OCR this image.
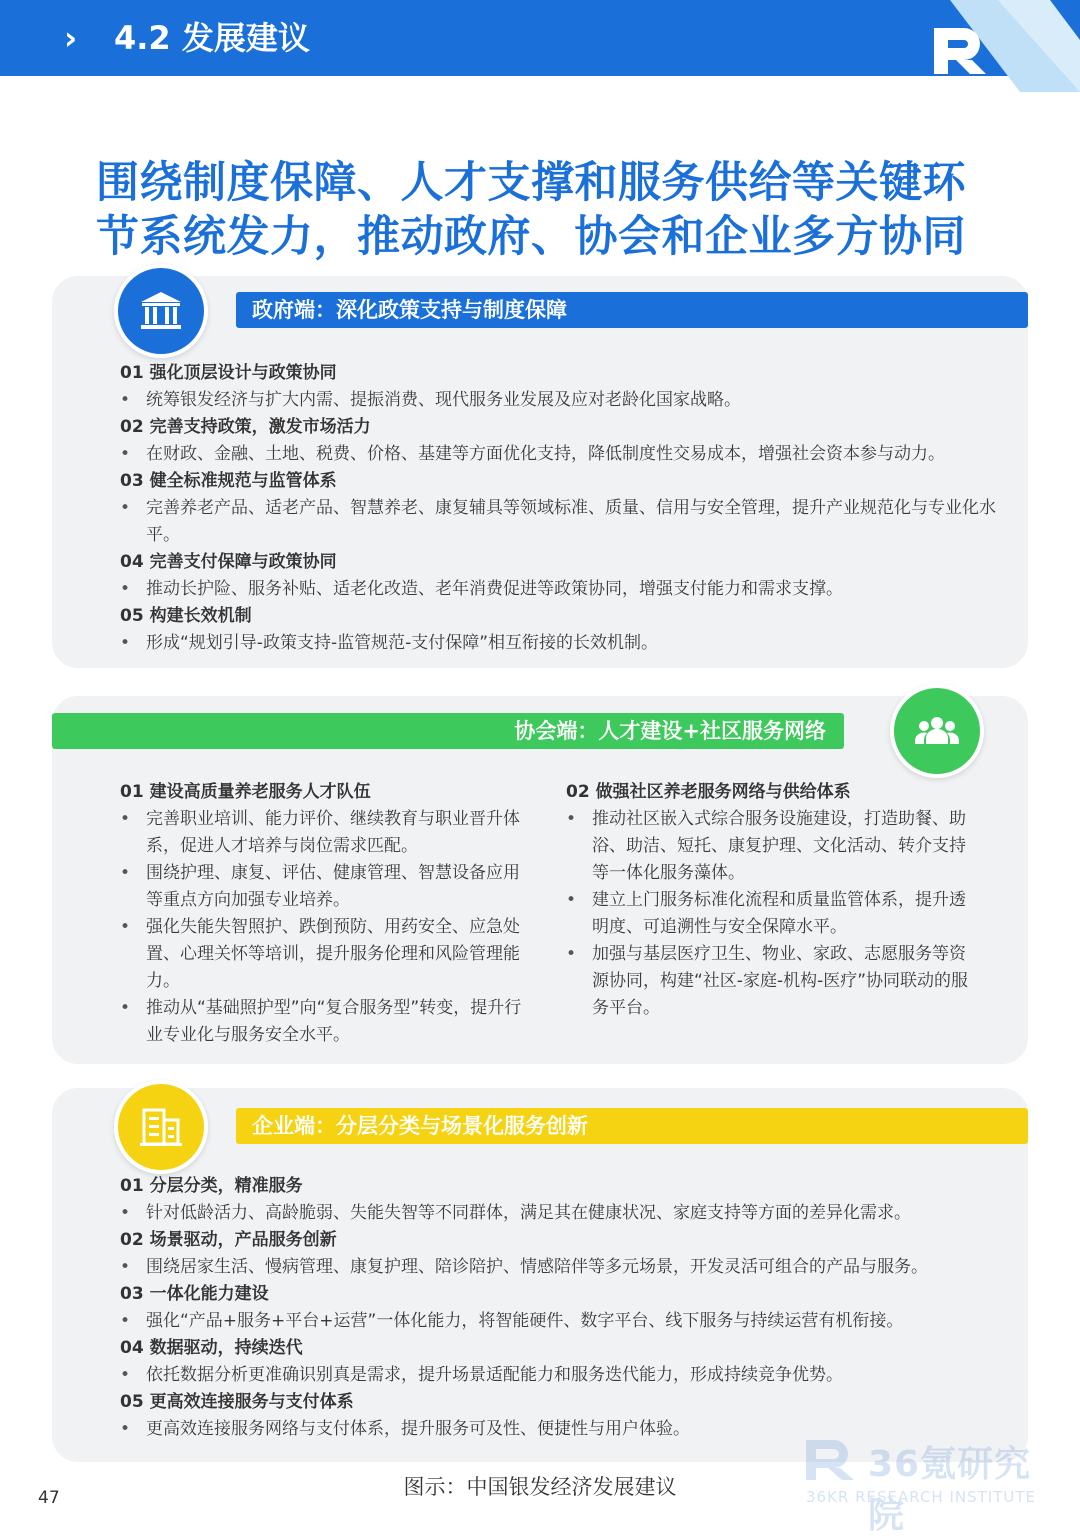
› 4.2 发展建议
围绕制度保障、人才支撑和服务供给等关键环
节系统发力，推动政府、协会和企业多方协同
政府端：深化政策支持与制度保障
01 强化顶层设计与政策协同
• 统筹银发经济与扩大内需、提振消费、现代服务业发展及应对老龄化国家战略。
02 完善支持政策，激发市场活力
• 在财政、金融、土地、税费、价格、基建等方面优化支持，降低制度性交易成本，增强社会资本参与动力。
03 健全标准规范与监管体系
• 完善养老产品、适老产品、智慧养老、康复辅具等领域标准、质量、信用与安全管理，提升产业规范化与专业化水平。
04 完善支付保障与政策协同
• 推动长护险、服务补贴、适老化改造、老年消费促进等政策协同，增强支付能力和需求支撑。
05 构建长效机制
• 形成“规划引导-政策支持-监管规范-支付保障”相互衔接的长效机制。
协会端：人才建设+社区服务网络
01 建设高质量养老服务人才队伍
• 完善职业培训、能力评价、继续教育与职业晋升体系，促进人才培养与岗位需求匹配。
• 围绕护理、康复、评估、健康管理、智慧设备应用等重点方向加强专业培养。
• 强化失能失智照护、跌倒预防、用药安全、应急处置、心理关怀等培训，提升服务伦理和风险管理能力。
• 推动从“基础照护型”向“复合服务型”转变，提升行业专业化与服务安全水平。
02 做强社区养老服务网络与供给体系
• 推动社区嵌入式综合服务设施建设，打造助餐、助浴、助洁、短托、康复护理、文化活动、转介支持等一体化服务藻体。
• 建立上门服务标准化流程和质量监管体系，提升透明度、可追溯性与安全保障水平。
• 加强与基层医疗卫生、物业、家政、志愿服务等资源协同，构建“社区-家庭-机构-医疗”协同联动的服务平台。
企业端：分层分类与场景化服务创新
01 分层分类，精准服务
• 针对低龄活力、高龄脆弱、失能失智等不同群体，满足其在健康状况、家庭支持等方面的差异化需求。
02 场景驱动，产品服务创新
• 围绕居家生活、慢病管理、康复护理、陪诊陪护、情感陪伴等多元场景，开发灵活可组合的产品与服务。
03 一体化能力建设
• 强化“产品+服务+平台+运营”一体化能力，将智能硬件、数字平台、线下服务与持续运营有机衔接。
04 数据驱动，持续迭代
• 依托数据分析更准确识别真是需求，提升场景适配能力和服务迭代能力，形成持续竞争优势。
05 更高效连接服务与支付体系
• 更高效连接服务网络与支付体系，提升服务可及性、便捷性与用户体验。
36氪研究院
36KR RESEARCH INSTITUTE
图示：中国银发经济发展建议
47
